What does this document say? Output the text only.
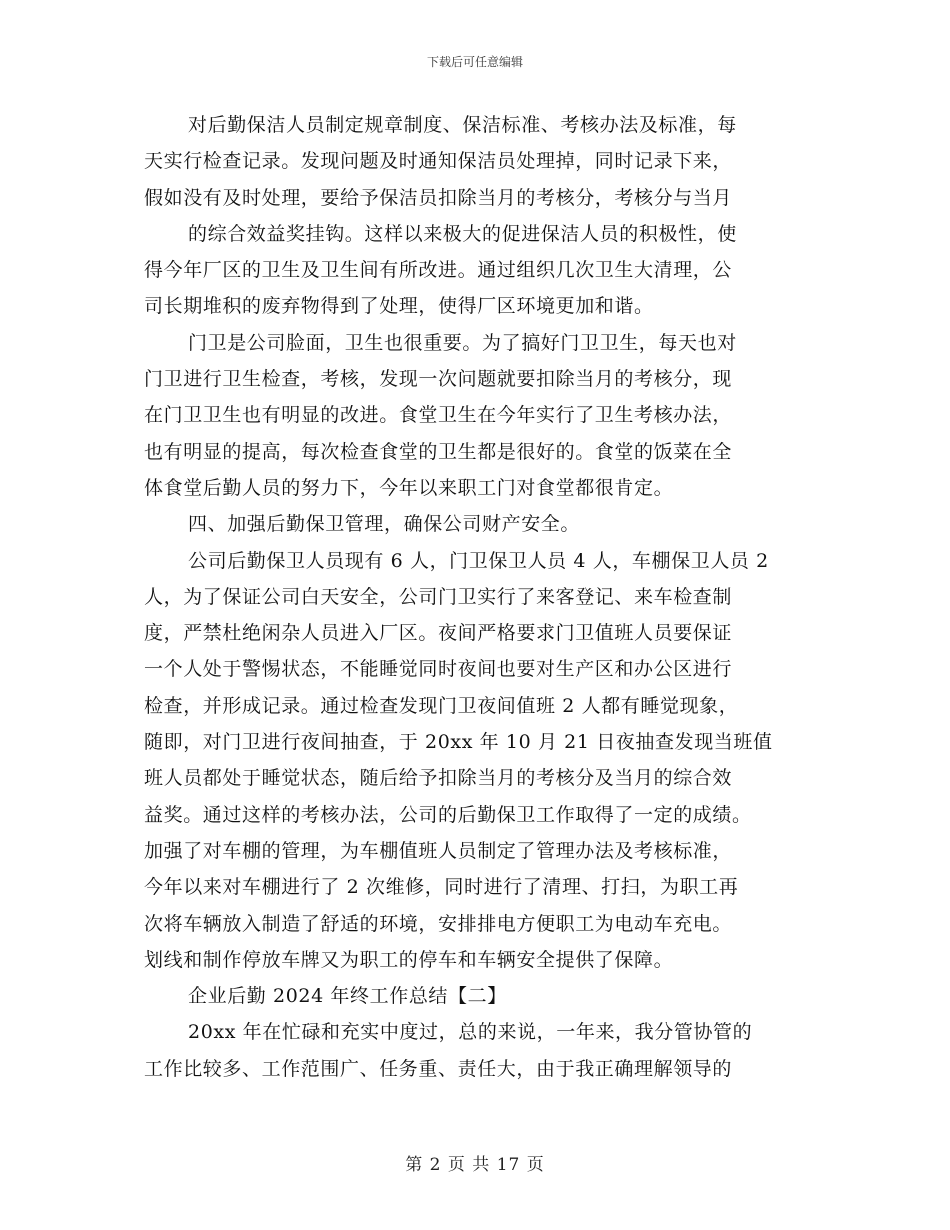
下载后可任意编辑
对后勤保洁人员制定规章制度、保洁标准、考核办法及标准，每
天实行检查记录。发现问题及时通知保洁员处理掉，同时记录下来，
假如没有及时处理，要给予保洁员扣除当月的考核分，考核分与当月
的综合效益奖挂钩。这样以来极大的促进保洁人员的积极性，使
得今年厂区的卫生及卫生间有所改进。通过组织几次卫生大清理，公
司长期堆积的废弃物得到了处理，使得厂区环境更加和谐。
门卫是公司脸面，卫生也很重要。为了搞好门卫卫生，每天也对
门卫进行卫生检查，考核，发现一次问题就要扣除当月的考核分，现
在门卫卫生也有明显的改进。食堂卫生在今年实行了卫生考核办法，
也有明显的提高，每次检查食堂的卫生都是很好的。食堂的饭菜在全
体食堂后勤人员的努力下，今年以来职工门对食堂都很肯定。
四、加强后勤保卫管理，确保公司财产安全。
公司后勤保卫人员现有 6 人，门卫保卫人员 4 人，车棚保卫人员 2
人，为了保证公司白天安全，公司门卫实行了来客登记、来车检查制
度，严禁杜绝闲杂人员进入厂区。夜间严格要求门卫值班人员要保证
一个人处于警惕状态，不能睡觉同时夜间也要对生产区和办公区进行
检查，并形成记录。通过检查发现门卫夜间值班 2 人都有睡觉现象，
随即，对门卫进行夜间抽查，于 20xx 年 10 月 21 日夜抽查发现当班值
班人员都处于睡觉状态，随后给予扣除当月的考核分及当月的综合效
益奖。通过这样的考核办法，公司的后勤保卫工作取得了一定的成绩。
加强了对车棚的管理，为车棚值班人员制定了管理办法及考核标准，
今年以来对车棚进行了 2 次维修，同时进行了清理、打扫，为职工再
次将车辆放入制造了舒适的环境，安排排电方便职工为电动车充电。
划线和制作停放车牌又为职工的停车和车辆安全提供了保障。
企业后勤 2024 年终工作总结【二】
20xx 年在忙碌和充实中度过，总的来说，一年来，我分管协管的
工作比较多、工作范围广、任务重、责任大，由于我正确理解领导的
第 2 页 共 17 页
